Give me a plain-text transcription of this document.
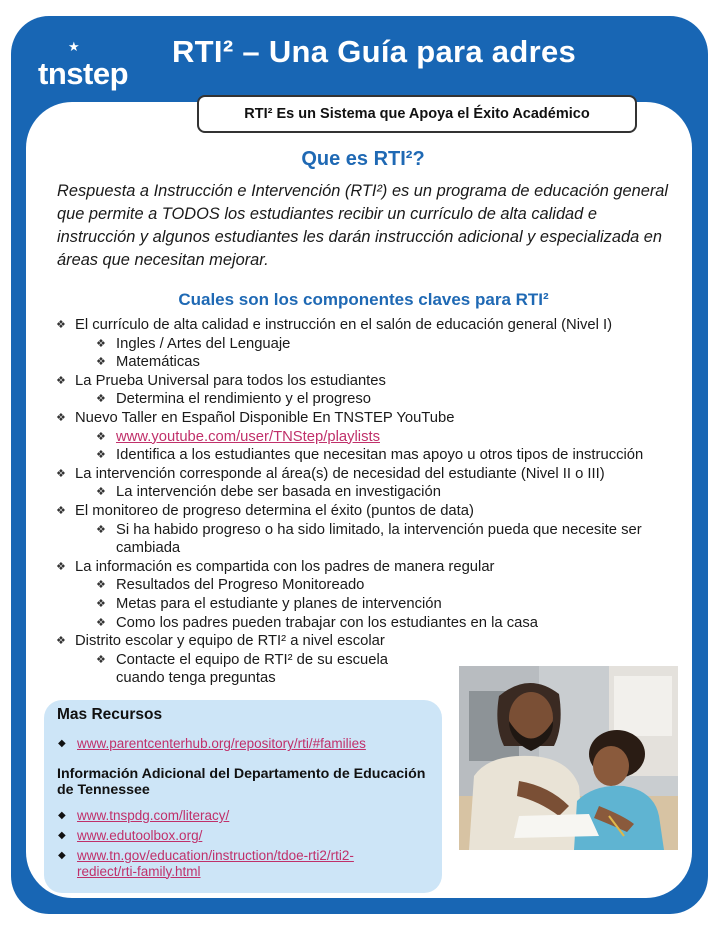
★
tnstep
RTI² – Una Guía para adres
RTI² Es un Sistema que Apoya el Éxito Académico
Que es RTI²?
Respuesta a Instrucción e Intervención (RTI²) es un programa de educación general que permite a TODOS los estudiantes recibir un currículo de alta calidad e instrucción y algunos estudiantes les darán instrucción adicional y especializada en áreas que necesitan mejorar.
Cuales son los componentes claves para RTI²
❖ El currículo de alta calidad e instrucción en el salón de educación general (Nivel I)
❖ Ingles / Artes del Lenguaje
❖ Matemáticas
❖ La Prueba Universal para todos los estudiantes
❖ Determina el rendimiento y el progreso
❖ Nuevo Taller en Español Disponible En TNSTEP YouTube
❖ www.youtube.com/user/TNStep/playlists
❖ Identifica a los estudiantes que necesitan mas apoyo u otros tipos de instrucción
❖ La intervención corresponde al área(s) de necesidad del estudiante (Nivel II o III)
❖ La intervención debe ser basada en investigación
❖ El monitoreo de progreso determina el éxito (puntos de data)
❖ Si ha habido progreso o ha sido limitado, la intervención pueda que necesite ser cambiada
❖ La información es compartida con los padres de manera regular
❖ Resultados del Progreso Monitoreado
❖ Metas para el estudiante y planes de intervención
❖ Como los padres pueden trabajar con los estudiantes en la casa
❖ Distrito escolar y equipo de RTI² a nivel escolar
❖ Contacte el equipo de RTI² de su escuela cuando tenga preguntas
Mas Recursos
◆ www.parentcenterhub.org/repository/rti/#families
Información Adicional del Departamento de Educación de Tennessee
◆ www.tnspdg.com/literacy/
◆ www.edutoolbox.org/
◆ www.tn.gov/education/instruction/tdoe-rti2/rti2-rediect/rti-family.html
